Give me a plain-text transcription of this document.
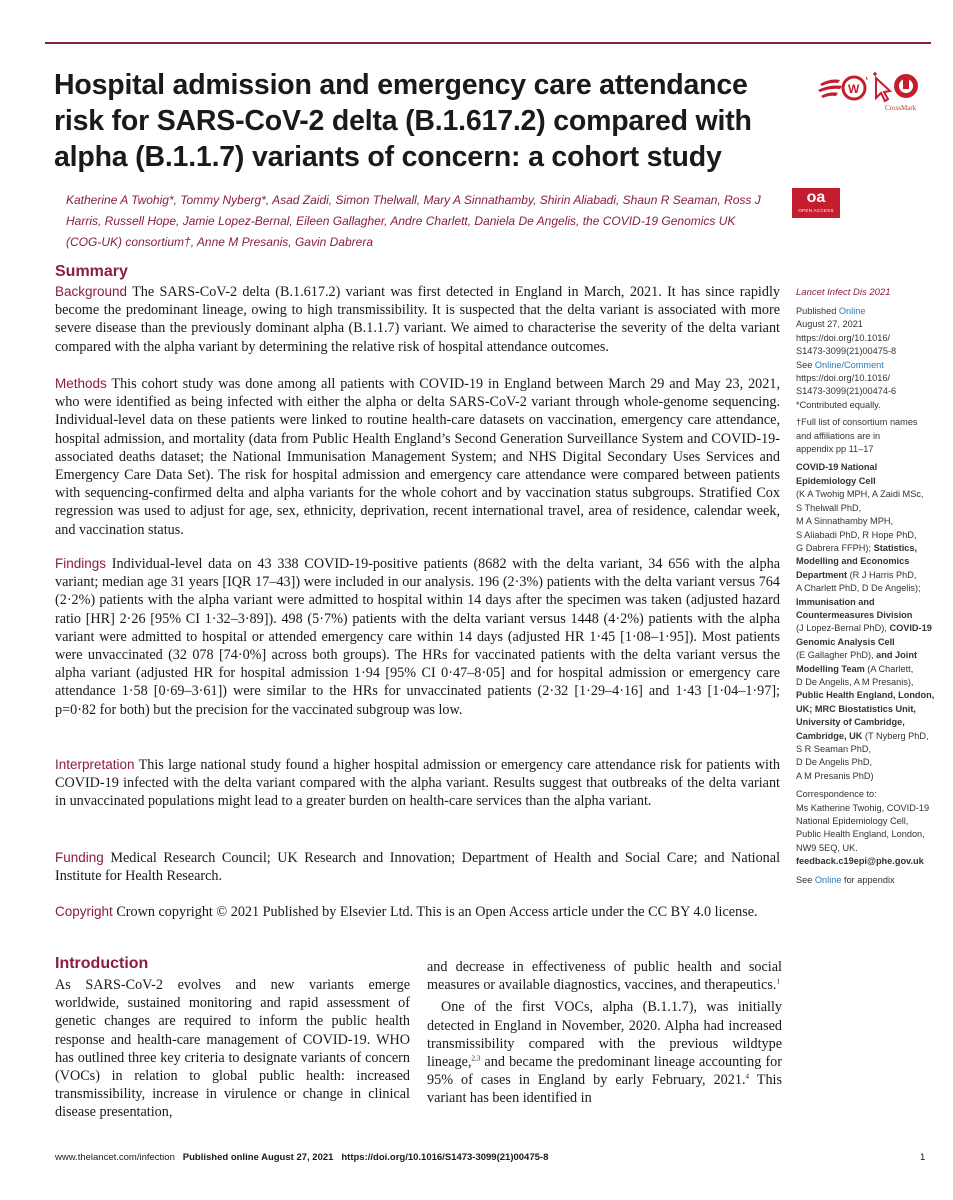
Hospital admission and emergency care attendance risk for SARS-CoV-2 delta (B.1.617.2) compared with alpha (B.1.1.7) variants of concern: a cohort study
W
CrossMark
oa
OPEN ACCESS

Katherine A Twohig*, Tommy Nyberg*, Asad Zaidi, Simon Thelwall, Mary A Sinnathamby, Shirin Aliabadi, Shaun R Seaman, Ross J Harris, Russell Hope, Jamie Lopez-Bernal, Eileen Gallagher, Andre Charlett, Daniela De Angelis, the COVID-19 Genomics UK (COG-UK) consortium†, Anne M Presanis, Gavin Dabrera

Summary

Background The SARS-CoV-2 delta (B.1.617.2) variant was first detected in England in March, 2021. It has since rapidly become the predominant lineage, owing to high transmissibility. It is suspected that the delta variant is associated with more severe disease than the previously dominant alpha (B.1.1.7) variant. We aimed to characterise the severity of the delta variant compared with the alpha variant by determining the relative risk of hospital attendance outcomes.

Methods This cohort study was done among all patients with COVID-19 in England between March 29 and May 23, 2021, who were identified as being infected with either the alpha or delta SARS-CoV-2 variant through whole-genome sequencing. Individual-level data on these patients were linked to routine health-care datasets on vaccination, emergency care attendance, hospital admission, and mortality (data from Public Health England’s Second Generation Surveillance System and COVID-19-associated deaths dataset; the National Immunisation Management System; and NHS Digital Secondary Uses Services and Emergency Care Data Set). The risk for hospital admission and emergency care attendance were compared between patients with sequencing-confirmed delta and alpha variants for the whole cohort and by vaccination status subgroups. Stratified Cox regression was used to adjust for age, sex, ethnicity, deprivation, recent international travel, area of residence, calendar week, and vaccination status.

Findings Individual-level data on 43 338 COVID-19-positive patients (8682 with the delta variant, 34 656 with the alpha variant; median age 31 years [IQR 17–43]) were included in our analysis. 196 (2·3%) patients with the delta variant versus 764 (2·2%) patients with the alpha variant were admitted to hospital within 14 days after the specimen was taken (adjusted hazard ratio [HR] 2·26 [95% CI 1·32–3·89]). 498 (5·7%) patients with the delta variant versus 1448 (4·2%) patients with the alpha variant were admitted to hospital or attended emergency care within 14 days (adjusted HR 1·45 [1·08–1·95]). Most patients were unvaccinated (32 078 [74·0%] across both groups). The HRs for vaccinated patients with the delta variant versus the alpha variant (adjusted HR for hospital admission 1·94 [95% CI 0·47–8·05] and for hospital admission or emergency care attendance 1·58 [0·69–3·61]) were similar to the HRs for unvaccinated patients (2·32 [1·29–4·16] and 1·43 [1·04–1·97]; p=0·82 for both) but the precision for the vaccinated subgroup was low.

Interpretation This large national study found a higher hospital admission or emergency care attendance risk for patients with COVID-19 infected with the delta variant compared with the alpha variant. Results suggest that outbreaks of the delta variant in unvaccinated populations might lead to a greater burden on health-care services than the alpha variant.

Funding Medical Research Council; UK Research and Innovation; Department of Health and Social Care; and National Institute for Health Research.

Copyright Crown copyright © 2021 Published by Elsevier Ltd. This is an Open Access article under the CC BY 4.0 license.

Lancet Infect Dis 2021

Published Online

August 27, 2021

https://doi.org/10.1016/

S1473-3099(21)00475-8

See Online/Comment

https://doi.org/10.1016/

S1473-3099(21)00474-6

*Contributed equally.

†Full list of consortium names

and affiliations are in

appendix pp 11–17

COVID-19 National

Epidemiology Cell

(K A Twohig MPH, A Zaidi MSc,

S Thelwall PhD,

M A Sinnathamby MPH,

S Aliabadi PhD, R Hope PhD,

G Dabrera FFPH); Statistics,

Modelling and Economics

Department (R J Harris PhD,

A Charlett PhD, D De Angelis);

Immunisation and

Countermeasures Division

(J Lopez-Bernal PhD), COVID-19

Genomic Analysis Cell

(E Gallagher PhD), and Joint

Modelling Team (A Charlett,

D De Angelis, A M Presanis),

Public Health England, London,

UK; MRC Biostatistics Unit,

University of Cambridge,

Cambridge, UK (T Nyberg PhD,

S R Seaman PhD,

D De Angelis PhD,

A M Presanis PhD)

Correspondence to:

Ms Katherine Twohig, COVID-19

National Epidemiology Cell,

Public Health England, London,

NW9 5EQ, UK.

feedback.c19epi@phe.gov.uk

See Online for appendix

Introduction

As SARS-CoV-2 evolves and new variants emerge worldwide, sustained monitoring and rapid assessment of genetic changes are required to inform the public health response and health-care management of COVID-19. WHO has outlined three key criteria to designate variants of concern (VOCs) in relation to global public health: increased transmissibility, increase in virulence or change in clinical disease presentation,

and decrease in effectiveness of public health and social measures or available diagnostics, vaccines, and therapeutics.$^1$

One of the first VOCs, alpha (B.1.1.7), was initially detected in England in November, 2020. Alpha had increased transmissibility compared with the previous wildtype lineage,$^{2,3}$ and became the predominant lineage accounting for 95% of cases in England by early February, 2021.$^4$ This variant has been identified in

www.thelancet.com/infection Published online August 27, 2021 https://doi.org/10.1016/S1473-3099(21)00475-8	1
